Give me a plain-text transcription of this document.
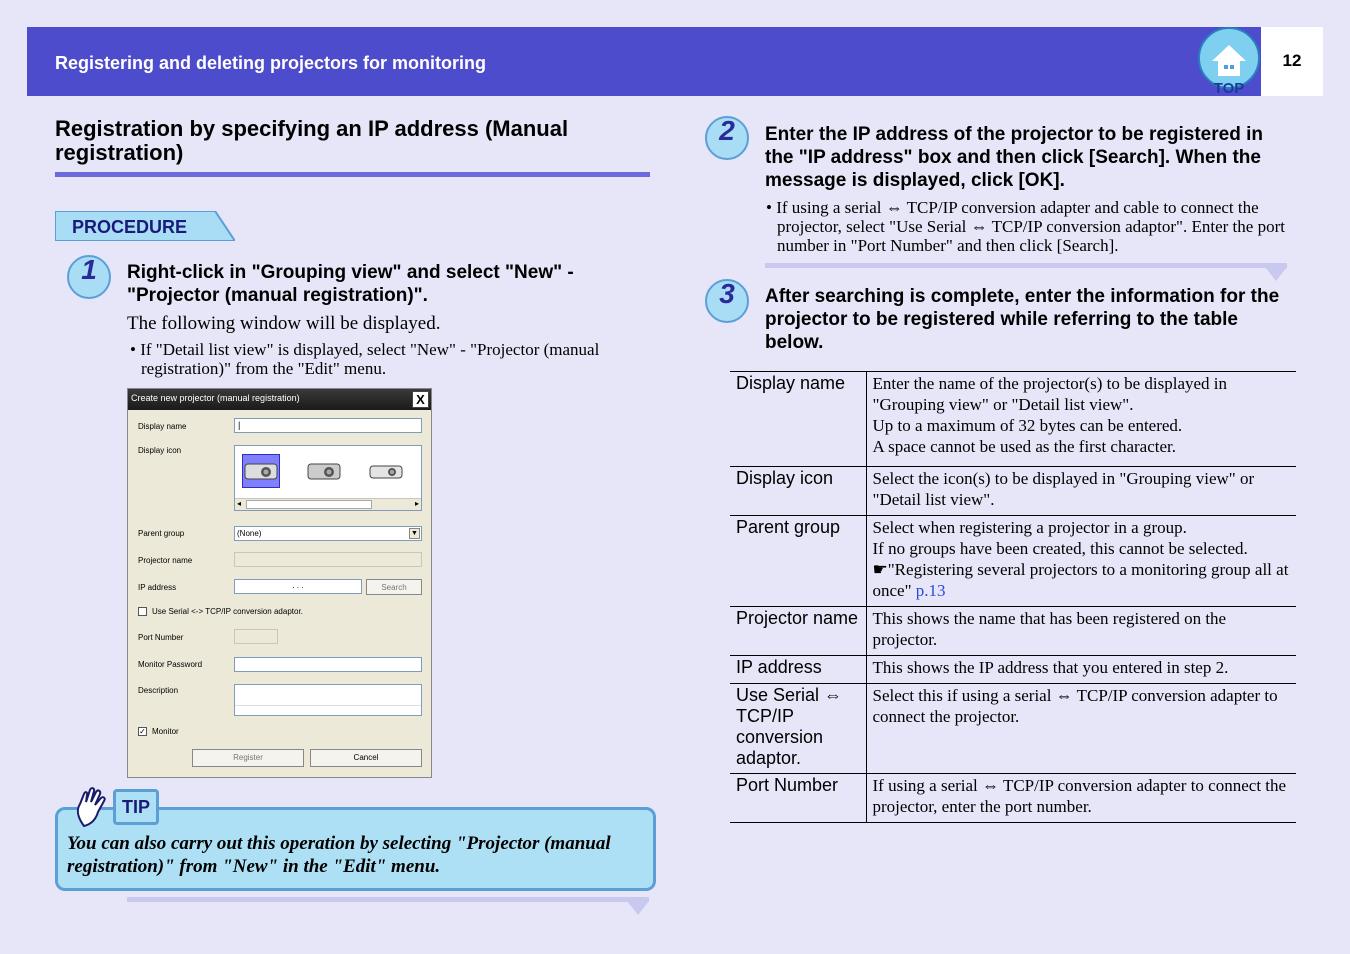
Registering and deleting projectors for monitoring	12
TOP
Registration by specifying an IP address (Manual registration)
PROCEDURE
1	Right-click in "Grouping view" and select "New" - "Projector (manual registration)".
The following window will be displayed.
• If "Detail list view" is displayed, select "New" - "Projector (manual registration)" from the "Edit" menu.
Create new projector (manual registration)	X
Display name	|
Display icon
◂	▸
Parent group	(None)	▼
Projector name
IP address	. . .	Search
Use Serial <-> TCP/IP conversion adaptor.
Port Number
Monitor Password
Description
✓ Monitor
Register	Cancel
TIP
You can also carry out this operation by selecting "Projector (manual registration)" from "New" in the "Edit" menu.
2	Enter the IP address of the projector to be registered in the "IP address" box and then click [Search]. When the message is displayed, click [OK].
• If using a serial ⇔ TCP/IP conversion adapter and cable to connect the projector, select "Use Serial ⇔ TCP/IP conversion adaptor". Enter the port number in "Port Number" and then click [Search].
3	After searching is complete, enter the information for the projector to be registered while referring to the table below.
Display name	Enter the name of the projector(s) to be displayed in "Grouping view" or "Detail list view".
Up to a maximum of 32 bytes can be entered.
A space cannot be used as the first character.

Display icon	Select the icon(s) to be displayed in "Grouping view" or "Detail list view".
Parent group	Select when registering a projector in a group.
If no groups have been created, this cannot be selected. ☛"Registering several projectors to a monitoring group all at once" p.13
Projector name	This shows the name that has been registered on the projector.
IP address	This shows the IP address that you entered in step 2.
Use Serial ⇔ TCP/IP conversion adaptor.	Select this if using a serial ⇔ TCP/IP conversion adapter to connect the projector.
Port Number	If using a serial ⇔ TCP/IP conversion adapter to connect the projector, enter the port number.
